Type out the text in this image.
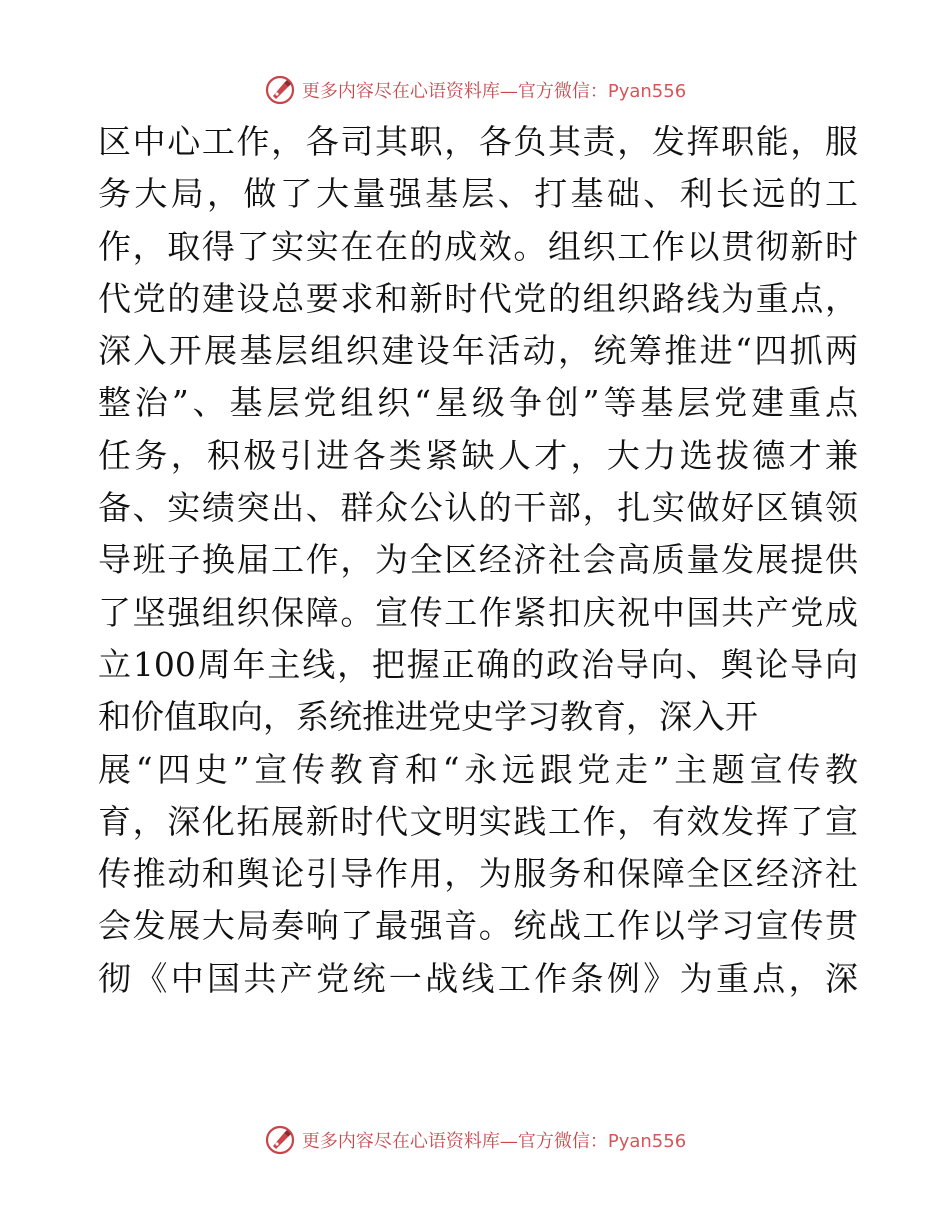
更多内容尽在心语资料库—官方微信：Pyan556
区中心工作，各司其职，各负其责，发挥职能，服
务大局，做了大量强基层、打基础、利长远的工
作，取得了实实在在的成效。组织工作以贯彻新时
代党的建设总要求和新时代党的组织路线为重点，
深入开展基层组织建设年活动，统筹推进“四抓两
整治”、基层党组织“星级争创”等基层党建重点
任务，积极引进各类紧缺人才，大力选拔德才兼
备、实绩突出、群众公认的干部，扎实做好区镇领
导班子换届工作，为全区经济社会高质量发展提供
了坚强组织保障。宣传工作紧扣庆祝中国共产党成
立100周年主线，把握正确的政治导向、舆论导向
和价值取向，系统推进党史学习教育，深入开
展“四史”宣传教育和“永远跟党走”主题宣传教
育，深化拓展新时代文明实践工作，有效发挥了宣
传推动和舆论引导作用，为服务和保障全区经济社
会发展大局奏响了最强音。统战工作以学习宣传贯
彻《中国共产党统一战线工作条例》为重点，深
更多内容尽在心语资料库—官方微信：Pyan556
